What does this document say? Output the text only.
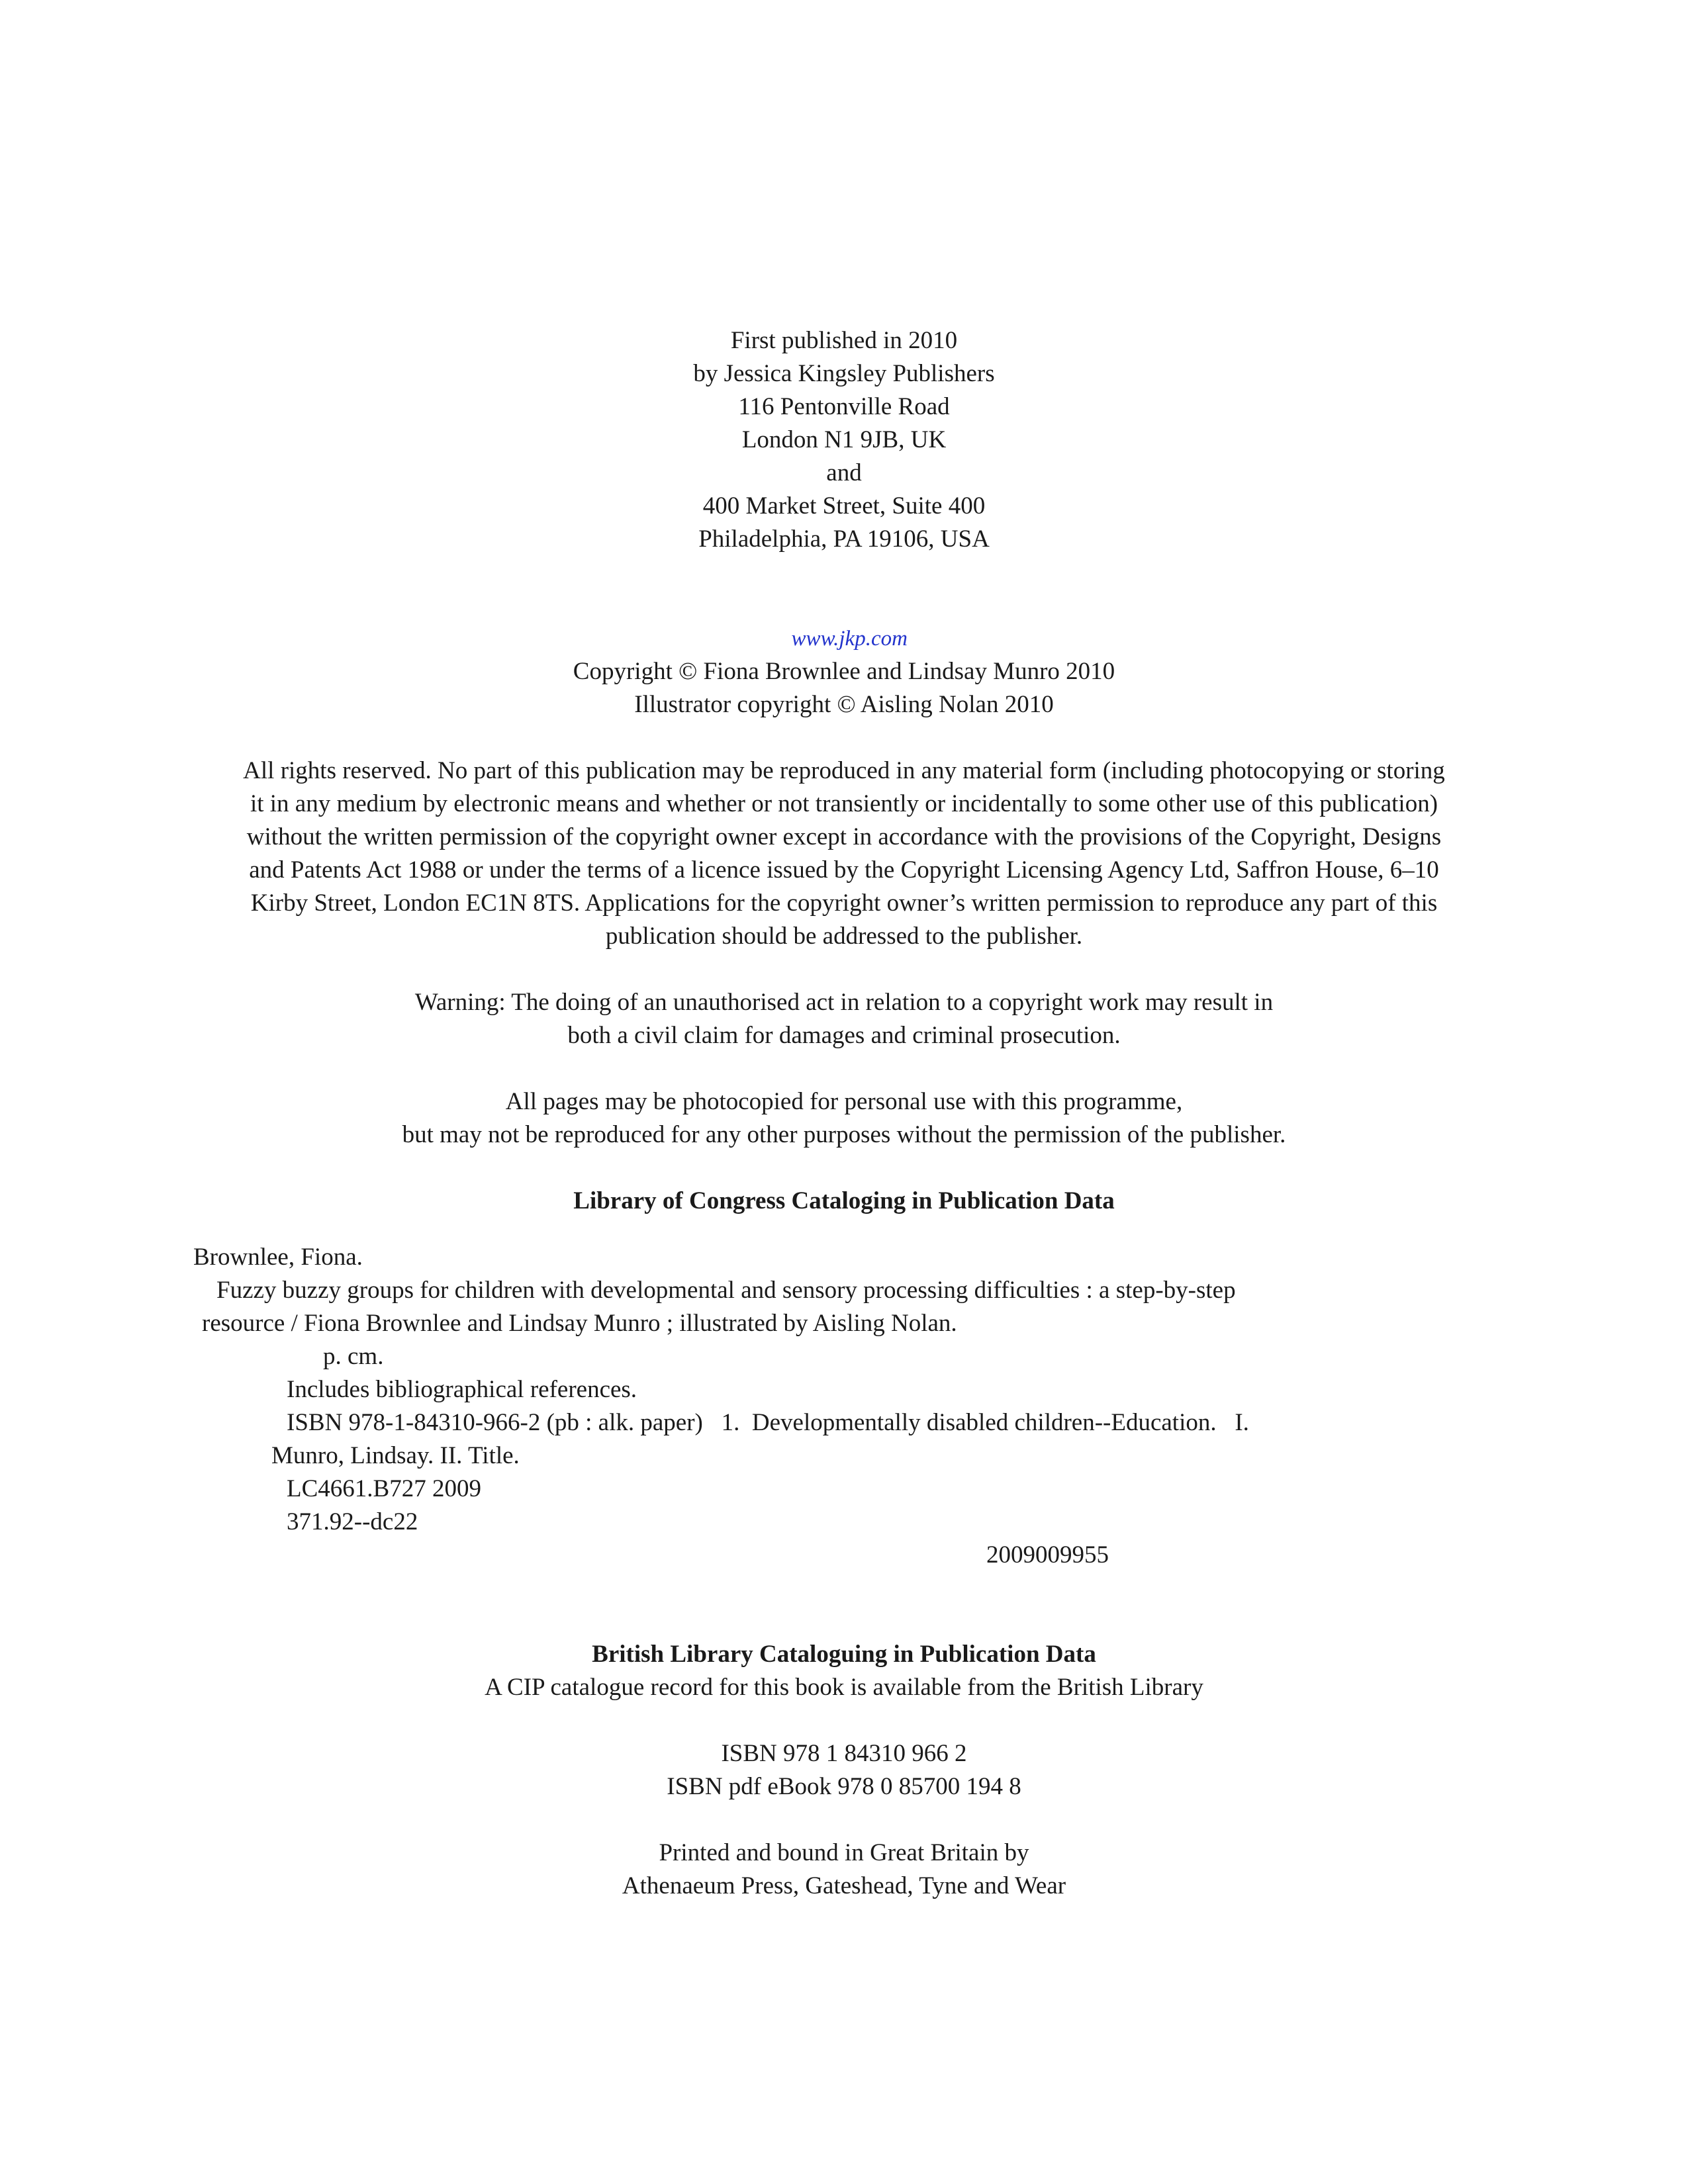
First published in 2010

by Jessica Kingsley Publishers

116 Pentonville Road

London N1 9JB, UK

and

400 Market Street, Suite 400

Philadelphia, PA 19106, USA

www.jkp.com

Copyright © Fiona Brownlee and Lindsay Munro 2010

Illustrator copyright © Aisling Nolan 2010

All rights reserved. No part of this publication may be reproduced in any material form (including photocopying or storing

it in any medium by electronic means and whether or not transiently or incidentally to some other use of this publication)

without the written permission of the copyright owner except in accordance with the provisions of the Copyright, Designs

and Patents Act 1988 or under the terms of a licence issued by the Copyright Licensing Agency Ltd, Saffron House, 6–10

Kirby Street, London EC1N 8TS. Applications for the copyright owner’s written permission to reproduce any part of this

publication should be addressed to the publisher.

Warning: The doing of an unauthorised act in relation to a copyright work may result in

both a civil claim for damages and criminal prosecution.

All pages may be photocopied for personal use with this programme,

but may not be reproduced for any other purposes without the permission of the publisher.

Library of Congress Cataloging in Publication Data

Brownlee, Fiona.

Fuzzy buzzy groups for children with developmental and sensory processing difficulties : a step-by-step

resource / Fiona Brownlee and Lindsay Munro ; illustrated by Aisling Nolan.

p. cm.

Includes bibliographical references.

ISBN 978-1-84310-966-2 (pb : alk. paper)   1.  Developmentally disabled children--Education.   I.

Munro, Lindsay. II. Title.

LC4661.B727 2009

371.92--dc22

2009009955

British Library Cataloguing in Publication Data

A CIP catalogue record for this book is available from the British Library

ISBN 978 1 84310 966 2

ISBN pdf eBook 978 0 85700 194 8

Printed and bound in Great Britain by

Athenaeum Press, Gateshead, Tyne and Wear
